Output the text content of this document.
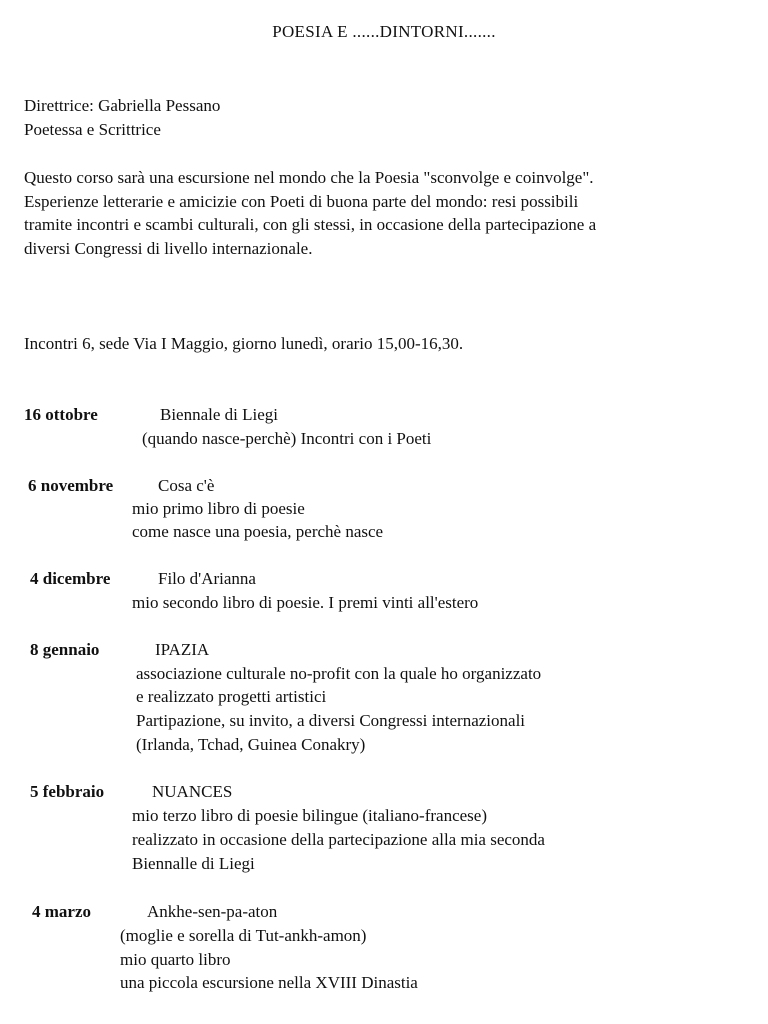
POESIA E ......DINTORNI.......
Direttrice: Gabriella Pessano
Poetessa e Scrittrice
Questo corso sarà una escursione nel mondo che la Poesia "sconvolge e coinvolge".
Esperienze letterarie e amicizie con Poeti di buona parte del mondo: resi possibili
tramite incontri e scambi culturali, con gli stessi, in occasione della partecipazione a
diversi Congressi di livello internazionale.
Incontri 6, sede Via I Maggio, giorno lunedì, orario 15,00-16,30.
16 ottobre	Biennale di Liegi
(quando nasce-perchè) Incontri con i Poeti
6 novembre	Cosa c'è
mio primo libro di poesie
come nasce una poesia, perchè nasce
4 dicembre	Filo d'Arianna
mio secondo libro di poesie. I premi vinti all'estero
8 gennaio	IPAZIA
associazione culturale no-profit con la quale ho organizzato
e realizzato progetti artistici
Partipazione, su invito, a diversi Congressi internazionali
(Irlanda, Tchad, Guinea Conakry)
5 febbraio	NUANCES
mio terzo libro di poesie bilingue (italiano-francese)
realizzato in occasione della partecipazione alla mia seconda
Biennalle di Liegi
4 marzo	Ankhe-sen-pa-aton
(moglie e sorella di Tut-ankh-amon)
mio quarto libro
una piccola escursione nella XVIII Dinastia
